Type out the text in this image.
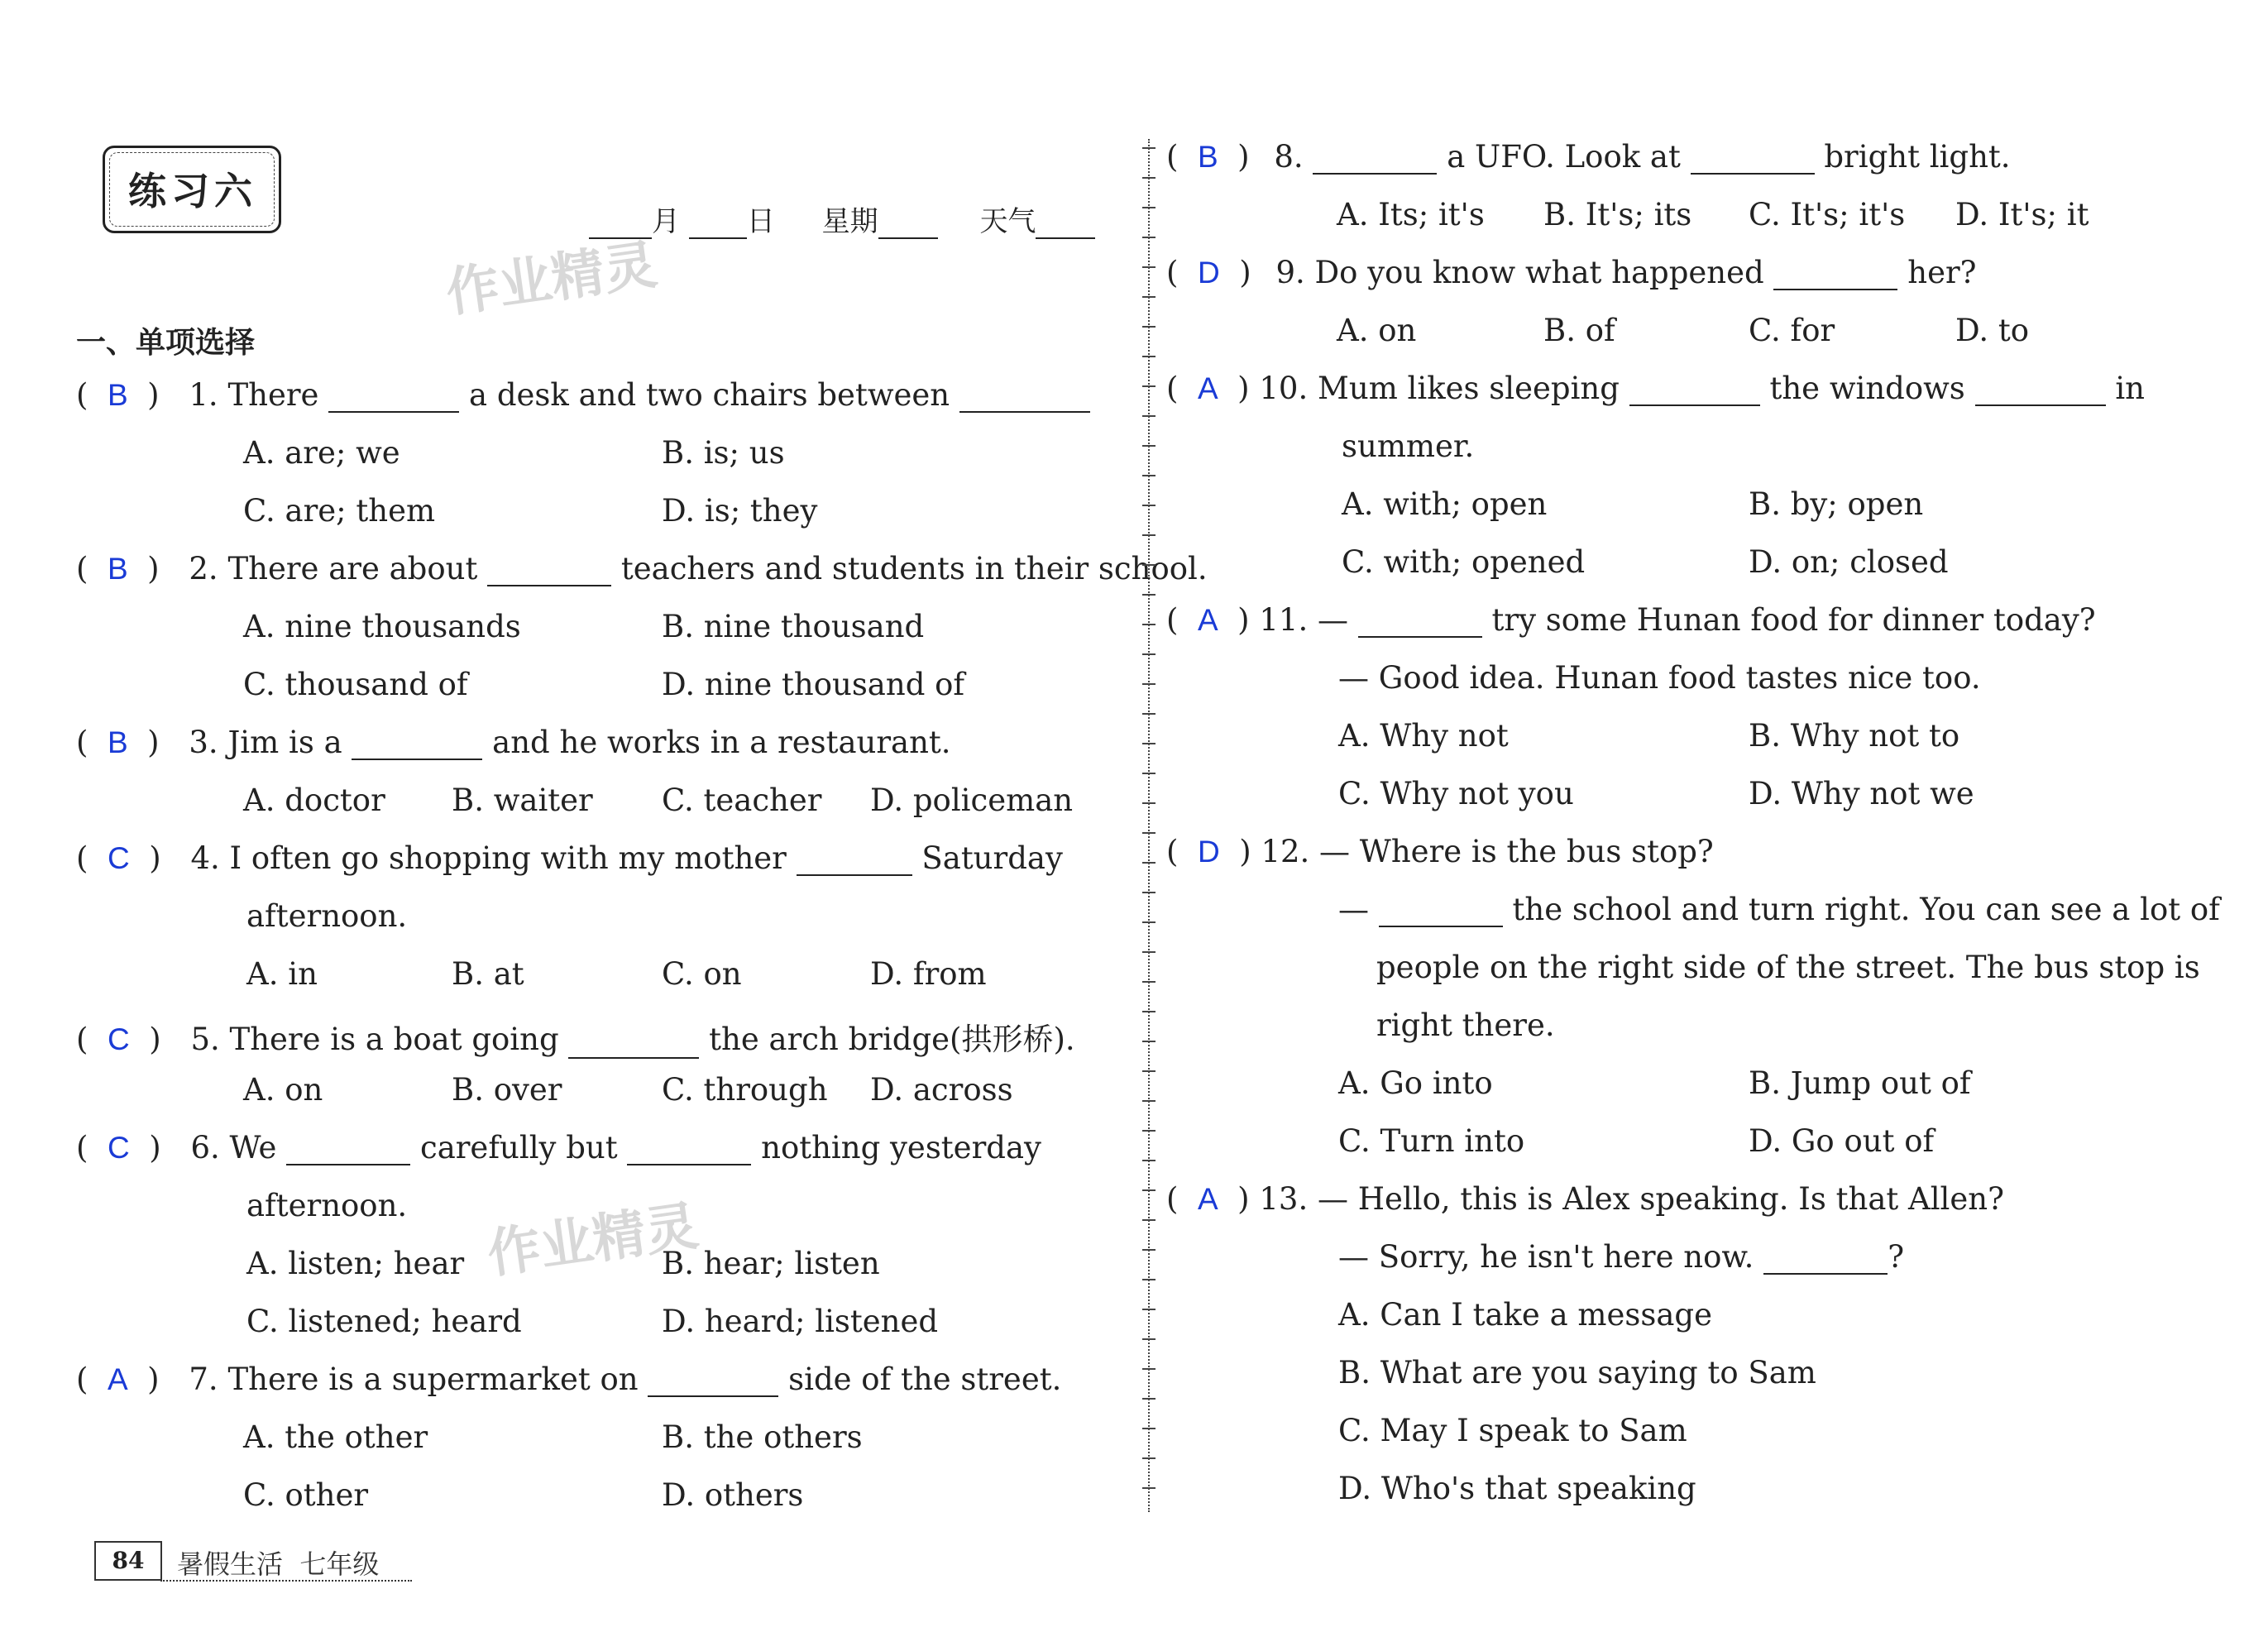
练习六
月 日 星期	天气
作业精灵
作业精灵
一、单项选择
(  B  ) 1. There	a desk and two chairs between
A. are; we	B. is; us
C. are; them	D. is; they
(  B  ) 2. There are about	teachers and students in their school.
A. nine thousands	B. nine thousand
C. thousand of	D. nine thousand of
(  B  ) 3. Jim is a	and he works in a restaurant.
A. doctor B. waiter C. teacher D. policeman
(  C  ) 4. I often go shopping with my mother	Saturday
afternoon.
A. in	B. at	C. on	D. from
(  C  ) 5. There is a boat going	the arch bridge(拱形桥).
A. on	B. over	C. through D. across
(  C  ) 6. We	carefully but	nothing yesterday
afternoon.
A. listen; hear	B. hear; listen
C. listened; heard	D. heard; listened
(  A  ) 7. There is a supermarket on	side of the street.
A. the other	B. the others
C. other	D. others
(  B  ) 8.	a UFO. Look at	bright light.
A. Its; it's B. It's; its C. It's; it's D. It's; it
(  D  ) 9. Do you know what happened	her?
A. on	B. of	C. for	D. to
(  A  ) 10. Mum likes sleeping	the windows	in
summer.
A. with; open	B. by; open
C. with; opened	D. on; closed
(  A  ) 11. —	try some Hunan food for dinner today?
— Good idea. Hunan food tastes nice too.
A. Why not	B. Why not to
C. Why not you	D. Why not we
(  D  ) 12. — Where is the bus stop?
—	the school and turn right. You can see a lot of
people on the right side of the street. The bus stop is
right there.
A. Go into	B. Jump out of
C. Turn into	D. Go out of
(  A  ) 13. — Hello, this is Alex speaking. Is that Allen?
— Sorry, he isn't here now.	?
A. Can I take a message
B. What are you saying to Sam
C. May I speak to Sam
D. Who's that speaking
84	暑假生活 七年级
